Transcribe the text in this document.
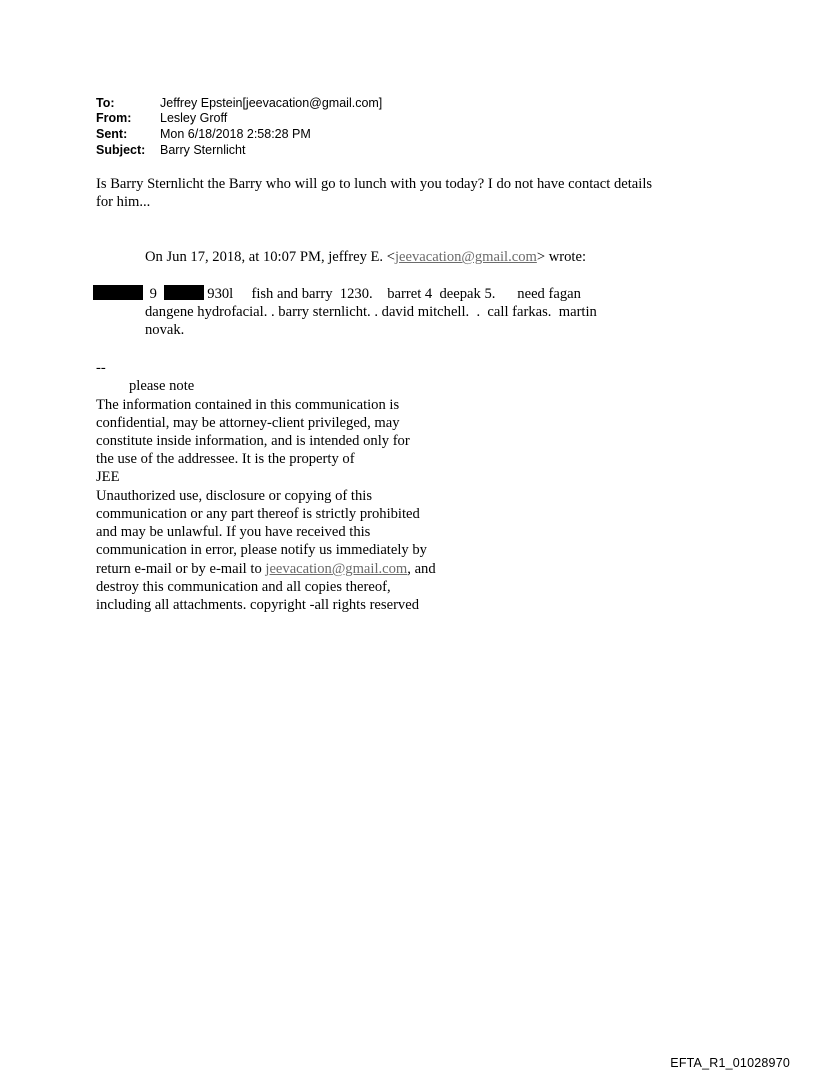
To:	Jeffrey Epstein[jeevacation@gmail.com]
From: Lesley Groff
Sent:	Mon 6/18/2018 2:58:28 PM
Subject: Barry Sternlicht
Is Barry Sternlicht the Barry who will go to lunch with you today? I do not have contact details
for him...
On Jun 17, 2018, at 10:07 PM, jeffrey E. <jeevacation@gmail.com> wrote:
9	930l     fish and barry  1230.    barret 4  deepak 5.      need fagan
dangene hydrofacial. . barry sternlicht. . david mitchell.  .  call farkas.  martin
novak.
--
please note
The information contained in this communication is
confidential, may be attorney-client privileged, may
constitute inside information, and is intended only for
the use of the addressee. It is the property of
JEE
Unauthorized use, disclosure or copying of this
communication or any part thereof is strictly prohibited
and may be unlawful. If you have received this
communication in error, please notify us immediately by
return e-mail or by e-mail to jeevacation@gmail.com, and
destroy this communication and all copies thereof,
including all attachments. copyright -all rights reserved
EFTA_R1_01028970
